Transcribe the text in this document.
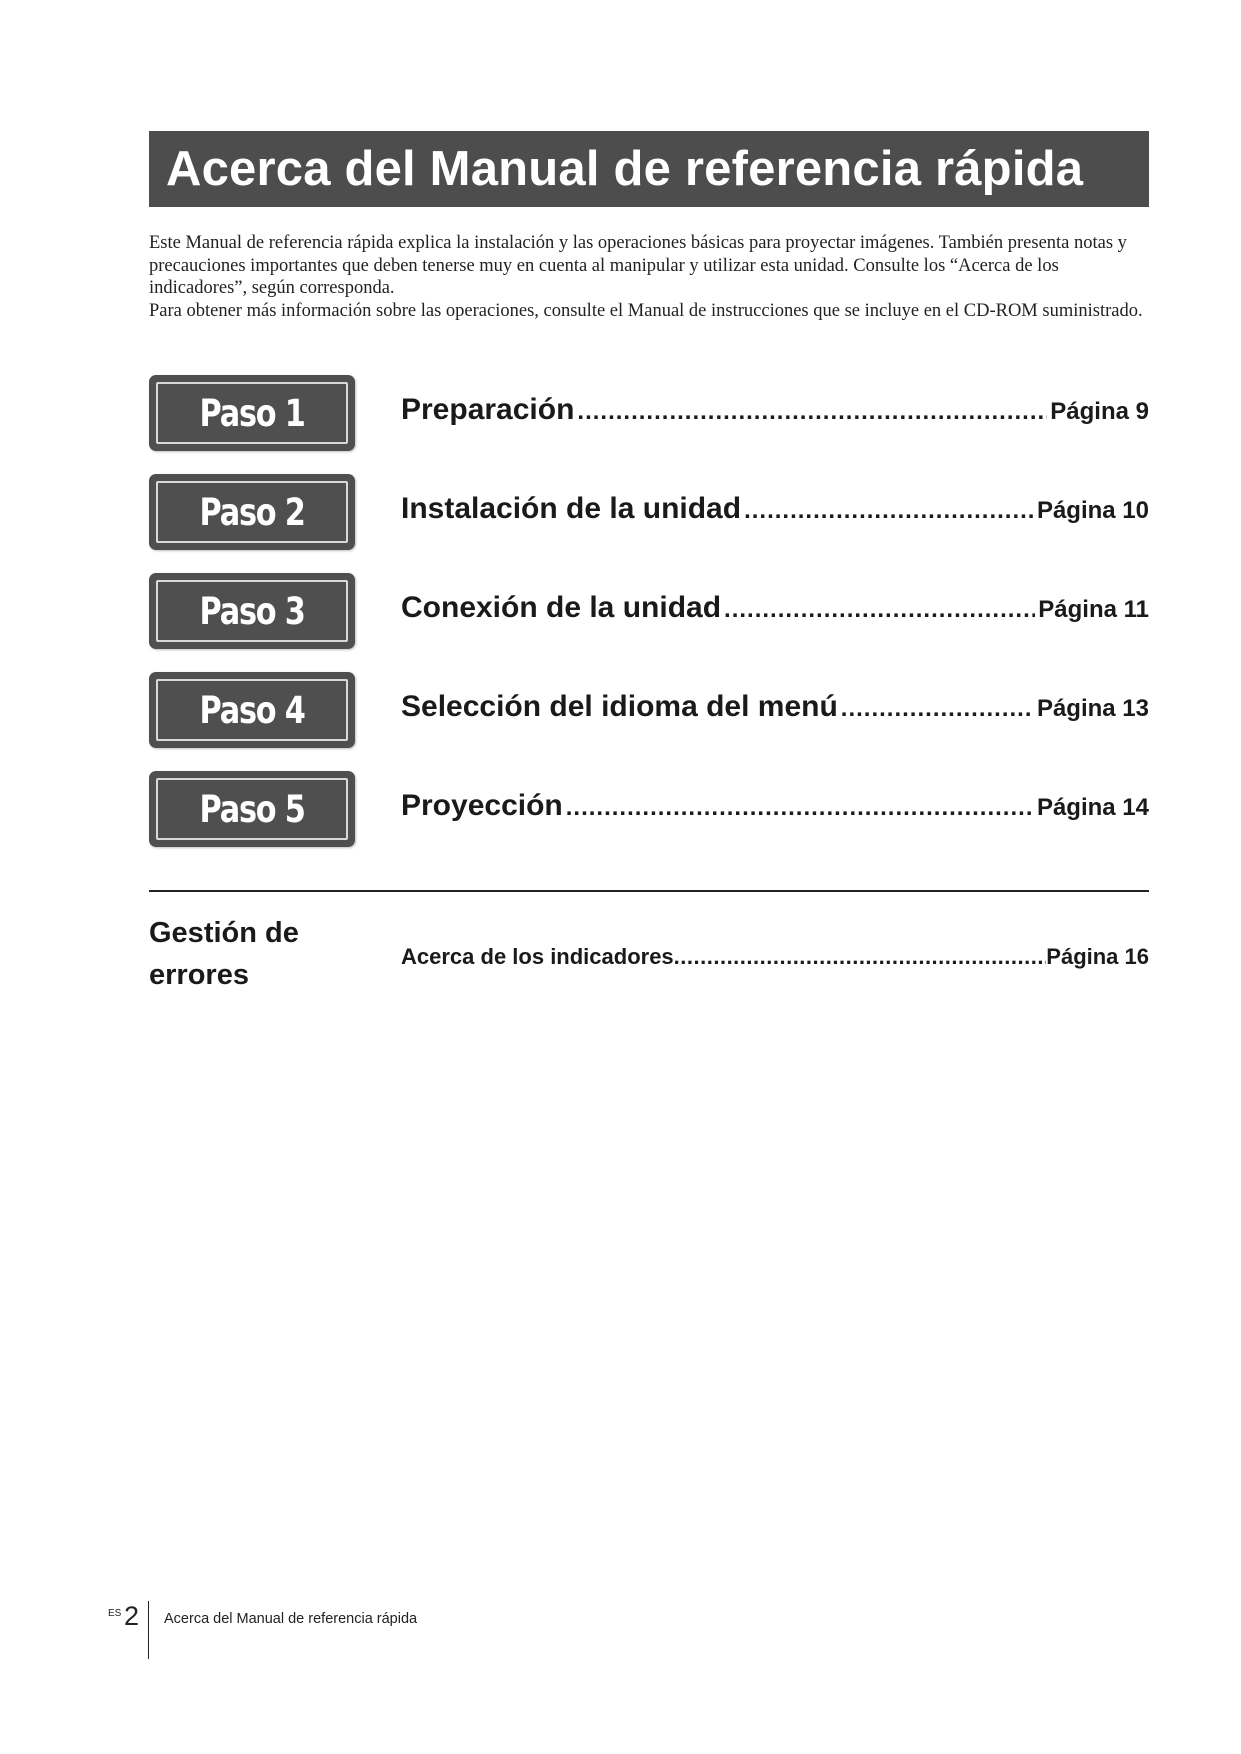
Acerca del Manual de referencia rápida

Este Manual de referencia rápida explica la instalación y las operaciones básicas para proyectar imágenes. También presenta notas y precauciones importantes que deben tenerse muy en cuenta al manipular y utilizar esta unidad. Consulte los “Acerca de los indicadores”, según corresponda.

Para obtener más información sobre las operaciones, consulte el Manual de instrucciones que se incluye en el CD-ROM suministrado.

Paso 1	Preparación .....	Página 9
Paso 2	Instalación de la unidad .....	Página 10
Paso 3	Conexión de la unidad .....	Página 11
Paso 4	Selección del idioma del menú .....	Página 13
Paso 5	Proyección .....	Página 14
Gestión de
errores
Acerca de los indicadores .....	Página 16
ES 2 Acerca del Manual de referencia rápida
